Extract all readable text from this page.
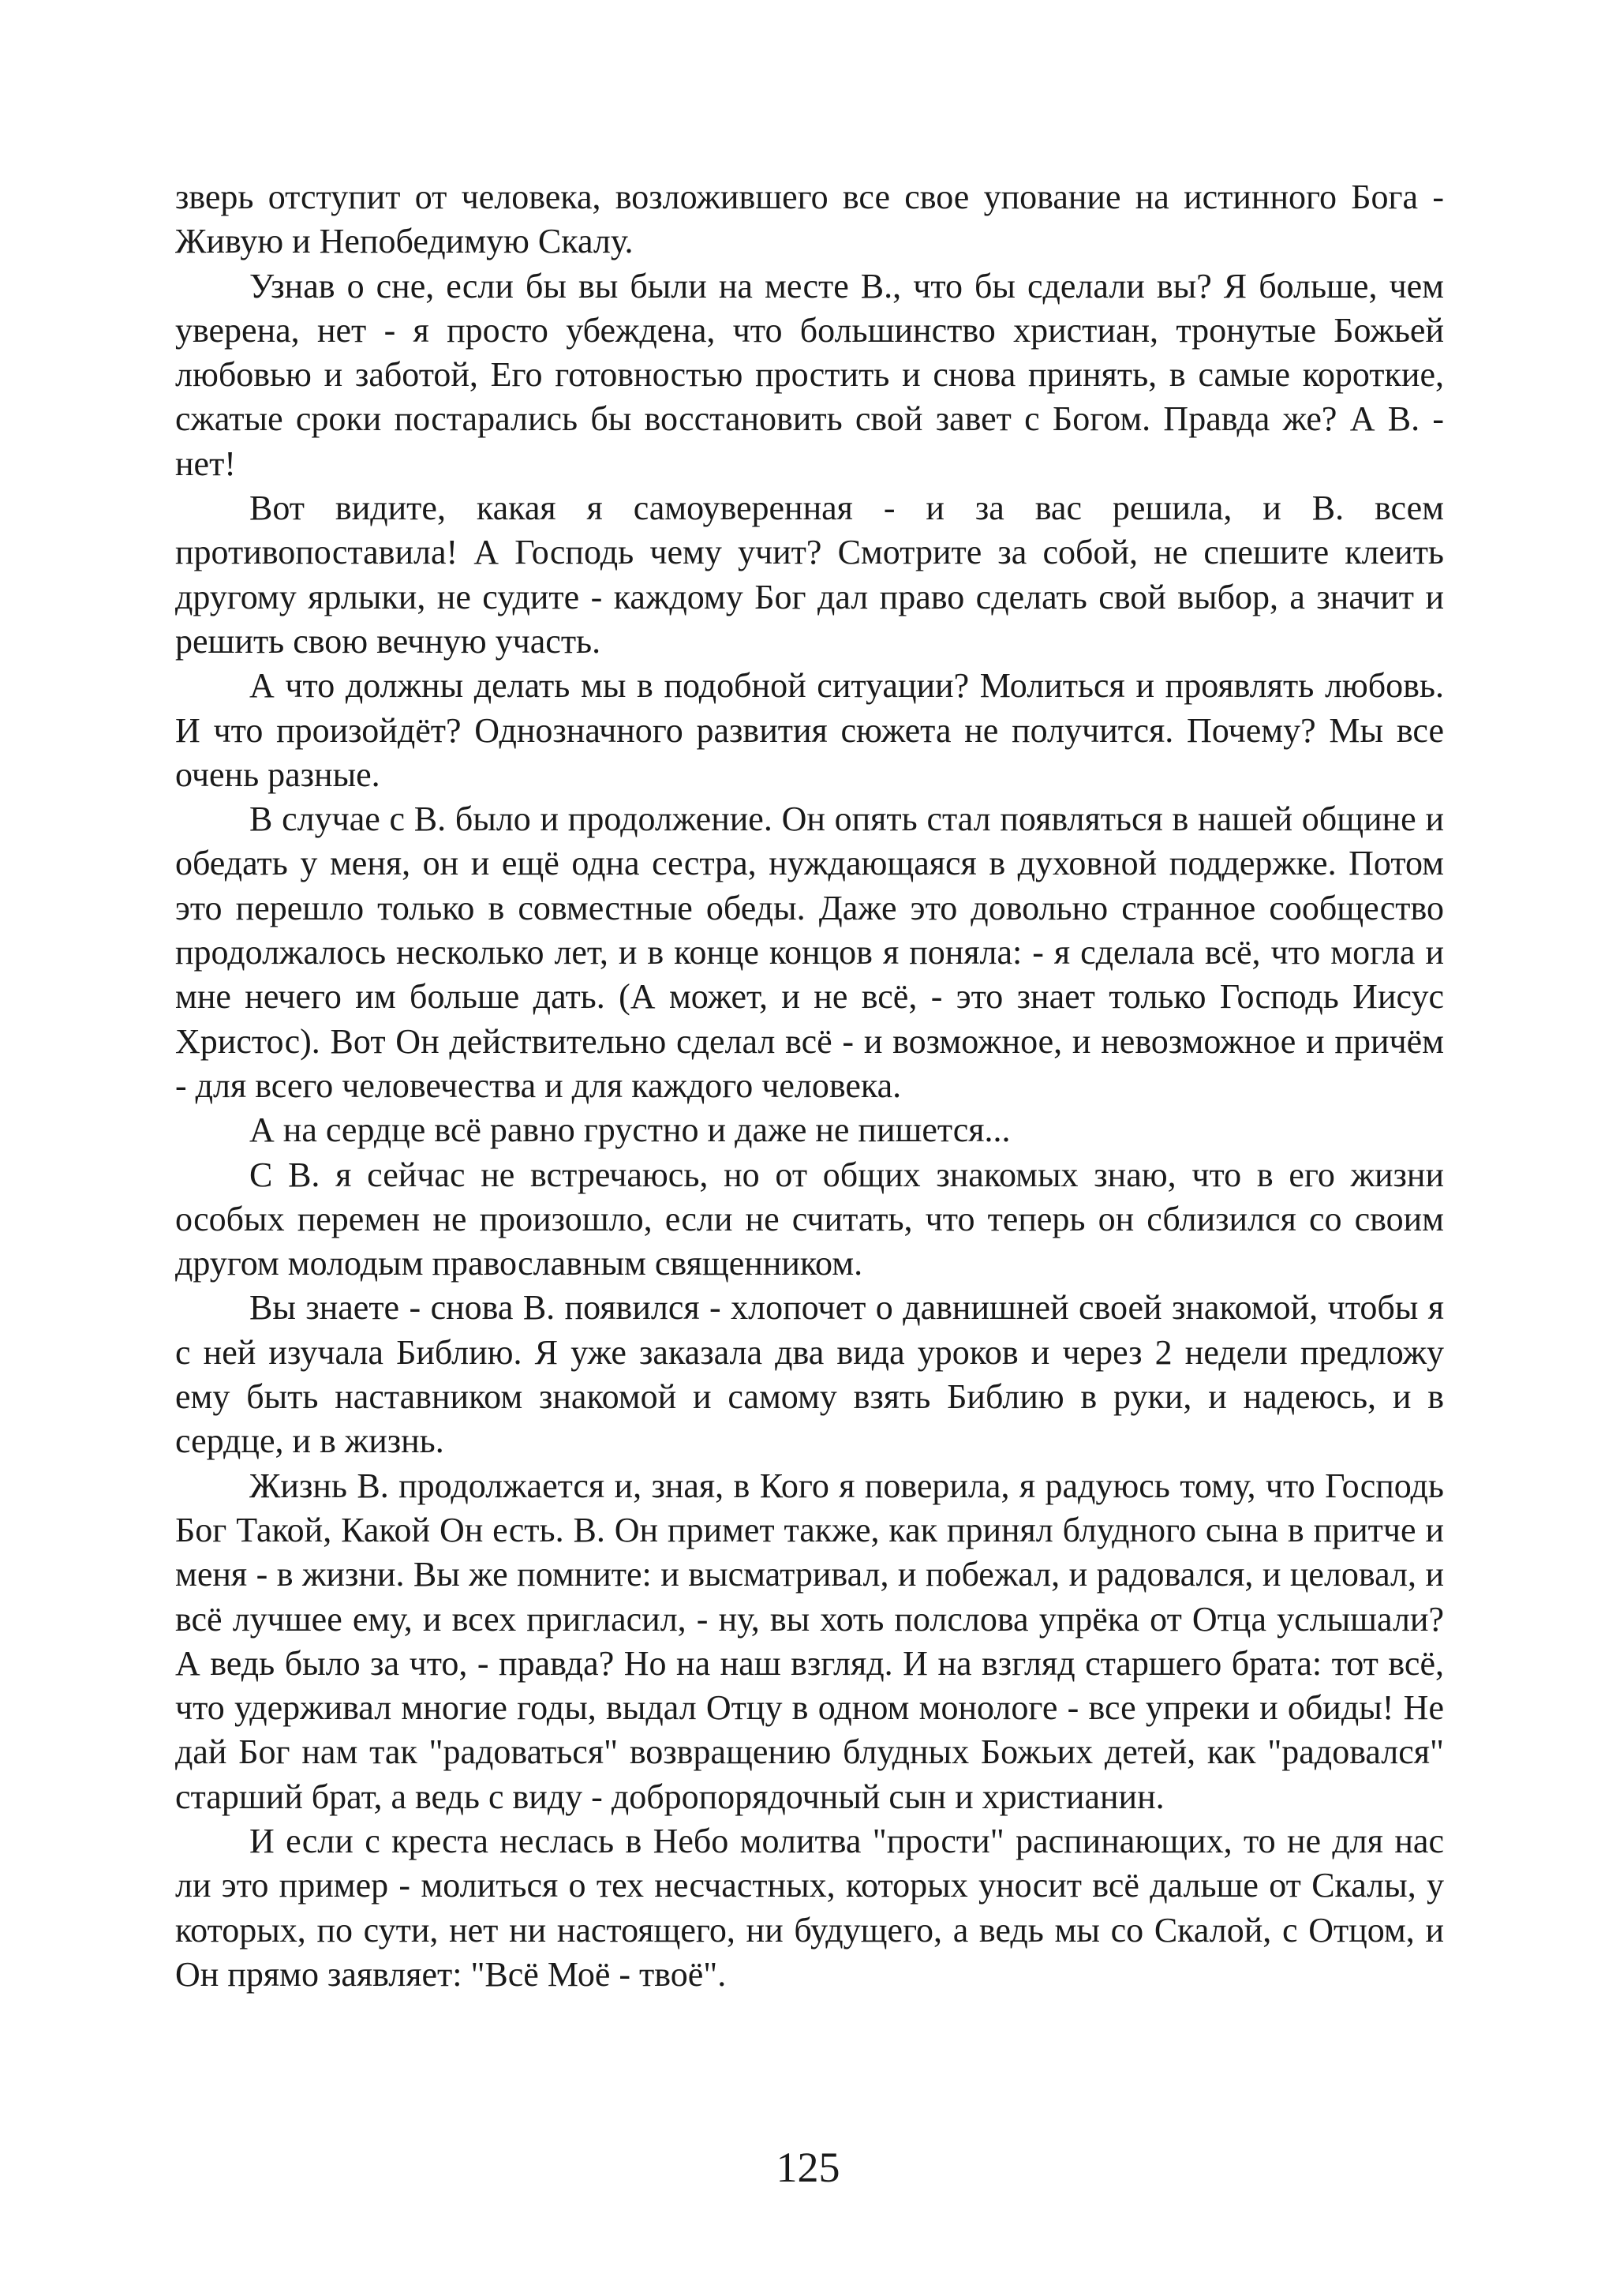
зверь отступит от человека, возложившего все свое упование на истинного Бога - Живую и Непобедимую Скалу.

Узнав о сне, если бы вы были на месте В., что бы сделали вы? Я больше, чем уверена, нет - я просто убеждена, что большинство христиан, тронутые Божьей любовью и заботой, Его готовностью простить и снова принять, в самые короткие, сжатые сроки постарались бы восстановить свой завет с Богом. Правда же? А В. - нет!

Вот видите, какая я самоуверенная - и за вас решила, и В. всем противопоставила! А Господь чему учит? Смотрите за собой, не спешите клеить другому ярлыки, не судите - каждому Бог дал право сделать свой выбор, а значит и решить свою вечную участь.

А что должны делать мы в подобной ситуации? Молиться и проявлять любовь. И что произойдёт? Однозначного развития сюжета не получится. Почему? Мы все очень разные.

В случае с В. было и продолжение. Он опять стал появляться в нашей общине и обедать у меня, он и ещё одна сестра, нуждающаяся в духовной поддержке. Потом это перешло только в совместные обеды. Даже это довольно странное сообщество продолжалось несколько лет, и в конце концов я поняла: - я сделала всё, что могла и мне нечего им больше дать. (А может, и не всё, - это знает только Господь Иисус Христос). Вот Он действительно сделал всё - и возможное, и невозможное и причём - для всего человечества и для каждого человека.

А на сердце всё равно грустно и даже не пишется...

С В. я сейчас не встречаюсь, но от общих знакомых знаю, что в его жизни особых перемен не произошло, если не считать, что теперь он сблизился со своим другом молодым православным священником.

Вы знаете - снова В. появился - хлопочет о давнишней своей знакомой, чтобы я с ней изучала Библию. Я уже заказала два вида уроков и через 2 недели предложу ему быть наставником знакомой и самому взять Библию в руки, и надеюсь, и в сердце, и в жизнь.

Жизнь В. продолжается и, зная, в Кого я поверила, я радуюсь тому, что Господь Бог Такой, Какой Он есть. В. Он примет также, как принял блудного сына в притче и меня - в жизни. Вы же помните: и высматривал, и побежал, и радовался, и целовал, и всё лучшее ему, и всех пригласил, - ну, вы хоть полслова упрёка от Отца услышали? А ведь было за что, - правда? Но на наш взгляд. И на взгляд старшего брата: тот всё, что удерживал многие годы, выдал Отцу в одном монологе - все упреки и обиды! Не дай Бог нам так "радоваться" возвращению блудных Божьих детей, как "радовался" старший брат, а ведь с виду - добропорядочный сын и христианин.

И если с креста неслась в Небо молитва "прости" распинающих, то не для нас ли это пример - молиться о тех несчастных, которых уносит всё дальше от Скалы, у которых, по сути, нет ни настоящего, ни будущего, а ведь мы со Скалой, с Отцом, и Он прямо заявляет: "Всё Моё - твоё".

125
